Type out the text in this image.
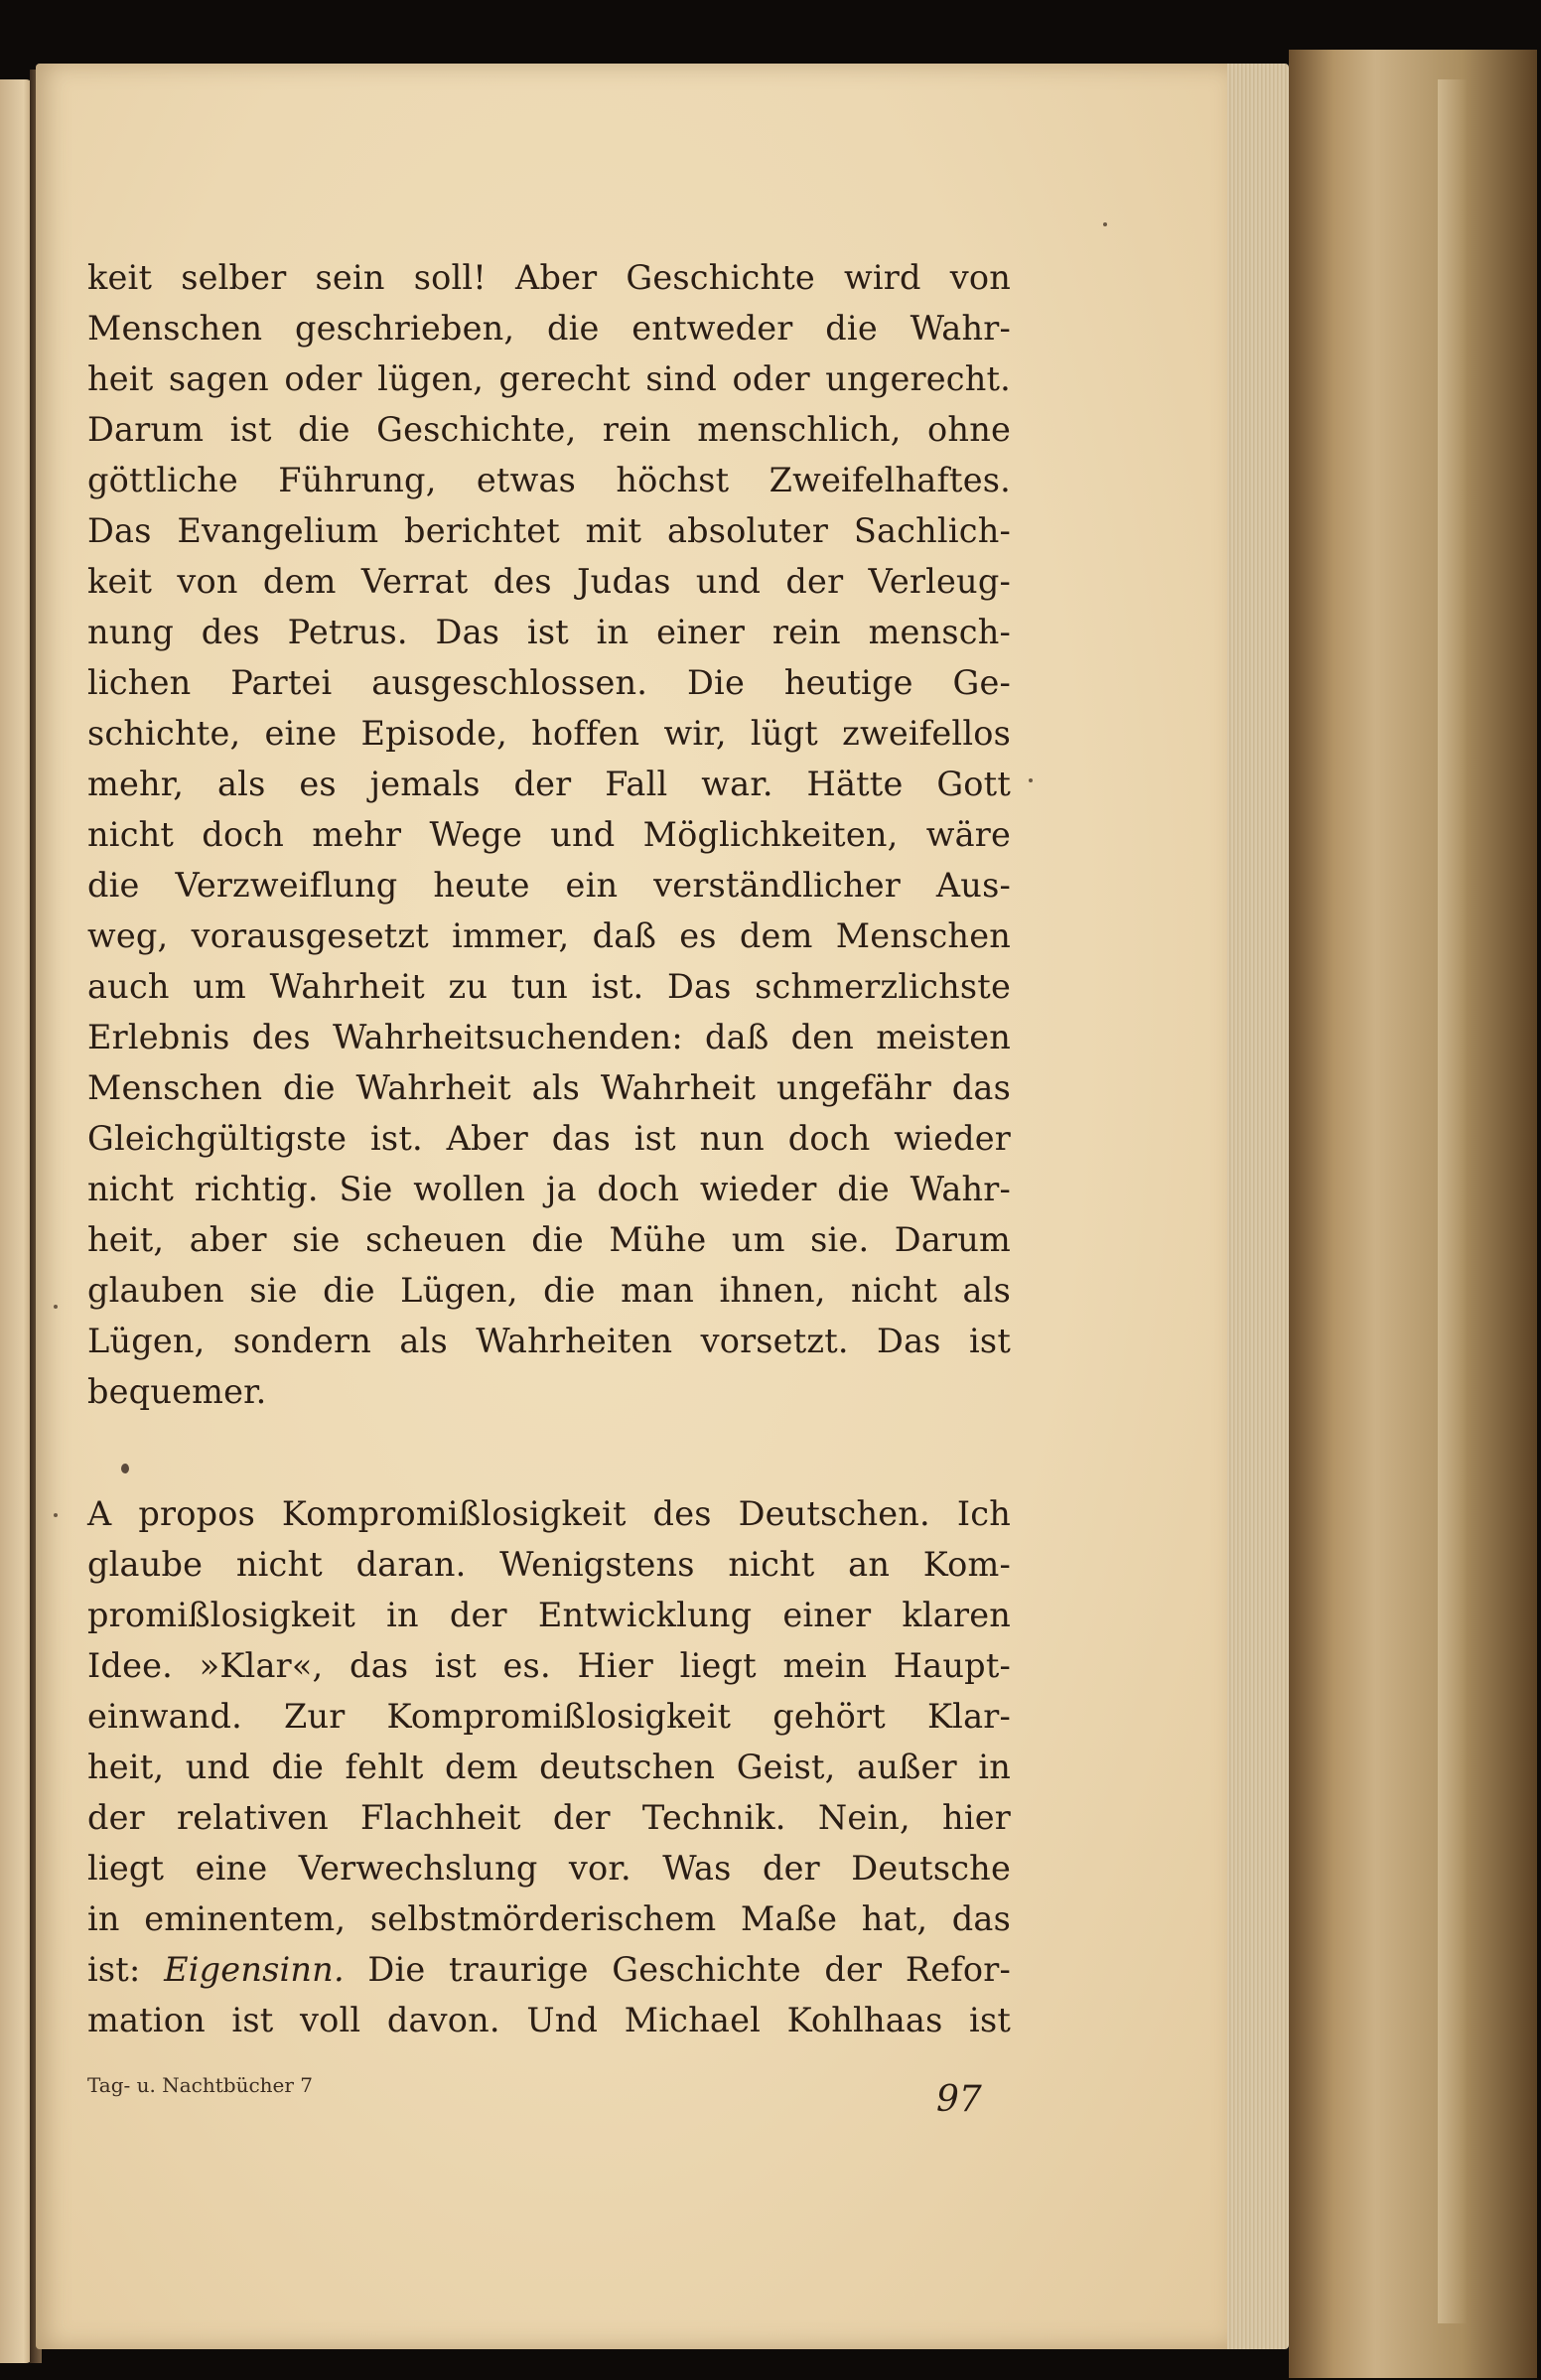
keit selber sein soll! Aber Geschichte wird von
Menschen geschrieben, die entweder die Wahr-
heit sagen oder lügen, gerecht sind oder ungerecht.
Darum ist die Geschichte, rein menschlich, ohne
göttliche Führung, etwas höchst Zweifelhaftes.
Das Evangelium berichtet mit absoluter Sachlich-
keit von dem Verrat des Judas und der Verleug-
nung des Petrus. Das ist in einer rein mensch-
lichen Partei ausgeschlossen. Die heutige Ge-
schichte, eine Episode, hoffen wir, lügt zweifellos
mehr, als es jemals der Fall war. Hätte Gott
nicht doch mehr Wege und Möglichkeiten, wäre
die Verzweiflung heute ein verständlicher Aus-
weg, vorausgesetzt immer, daß es dem Menschen
auch um Wahrheit zu tun ist. Das schmerzlichste
Erlebnis des Wahrheitsuchenden: daß den meisten
Menschen die Wahrheit als Wahrheit ungefähr das
Gleichgültigste ist. Aber das ist nun doch wieder
nicht richtig. Sie wollen ja doch wieder die Wahr-
heit, aber sie scheuen die Mühe um sie. Darum
glauben sie die Lügen, die man ihnen, nicht als
Lügen, sondern als Wahrheiten vorsetzt. Das ist
bequemer.
A propos Kompromißlosigkeit des Deutschen. Ich
glaube nicht daran. Wenigstens nicht an Kom-
promißlosigkeit in der Entwicklung einer klaren
Idee. »Klar«, das ist es. Hier liegt mein Haupt-
einwand. Zur Kompromißlosigkeit gehört Klar-
heit, und die fehlt dem deutschen Geist, außer in
der relativen Flachheit der Technik. Nein, hier
liegt eine Verwechslung vor. Was der Deutsche
in eminentem, selbstmörderischem Maße hat, das
ist: Eigensinn. Die traurige Geschichte der Refor-
mation ist voll davon. Und Michael Kohlhaas ist
Tag- u. Nachtbücher 7	97
